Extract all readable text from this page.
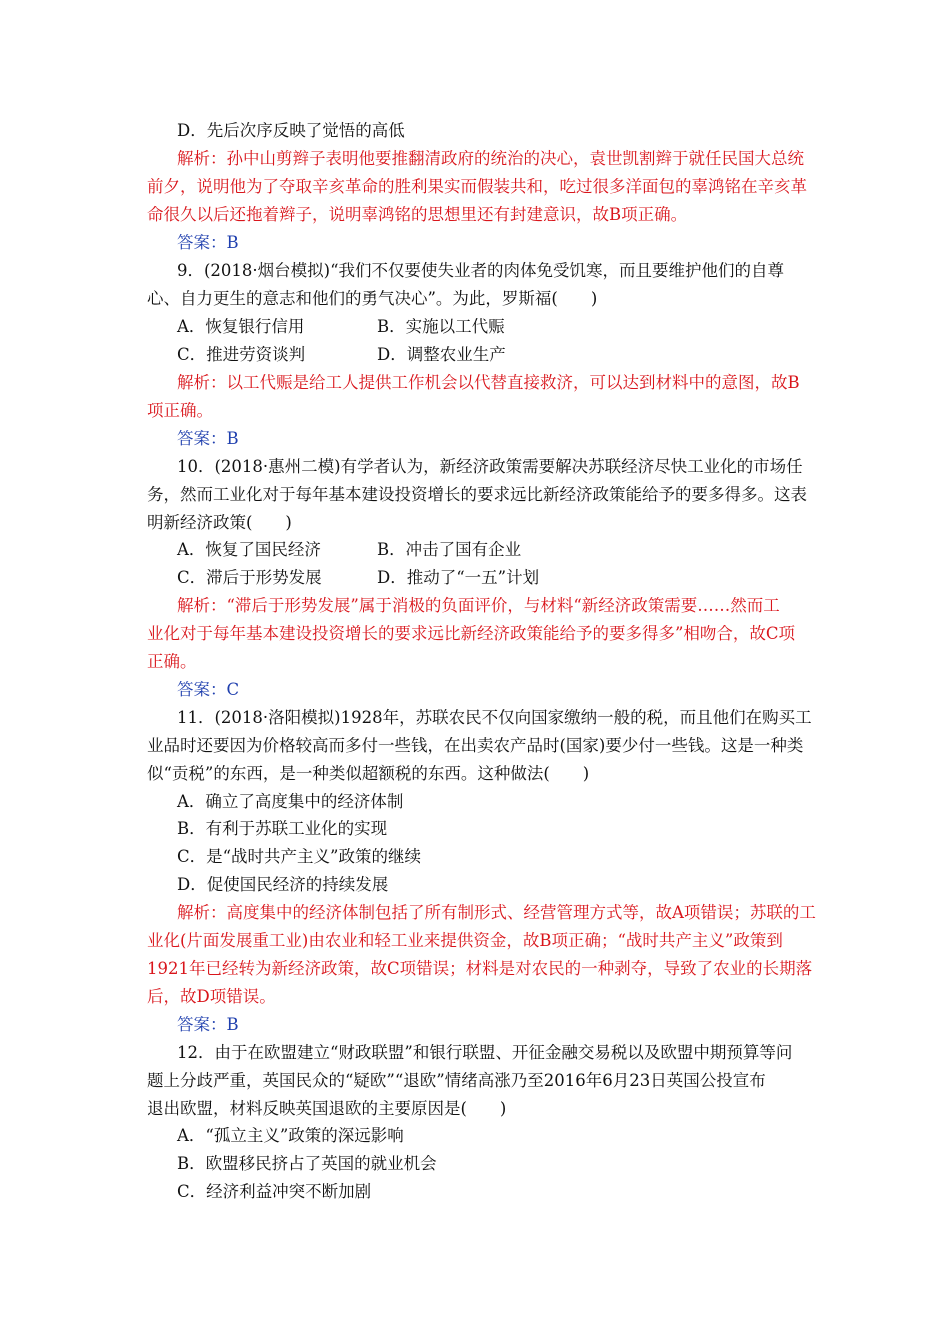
D．先后次序反映了觉悟的高低
解析：孙中山剪辫子表明他要推翻清政府的统治的决心，袁世凯割辫于就任民国大总统
前夕，说明他为了夺取辛亥革命的胜利果实而假装共和，吃过很多洋面包的辜鸿铭在辛亥革
命很久以后还拖着辫子，说明辜鸿铭的思想里还有封建意识，故B项正确。
答案：B
9．(2018·烟台模拟)“我们不仅要使失业者的肉体免受饥寒，而且要维护他们的自尊
心、自力更生的意志和他们的勇气决心”。为此，罗斯福(　　)
A．恢复银行信用	B．实施以工代赈
C．推进劳资谈判	D．调整农业生产
解析：以工代赈是给工人提供工作机会以代替直接救济，可以达到材料中的意图，故B
项正确。
答案：B
10．(2018·惠州二模)有学者认为，新经济政策需要解决苏联经济尽快工业化的市场任
务，然而工业化对于每年基本建设投资增长的要求远比新经济政策能给予的要多得多。这表
明新经济政策(　　)
A．恢复了国民经济	B．冲击了国有企业
C．滞后于形势发展	D．推动了“一五”计划
解析：“滞后于形势发展”属于消极的负面评价，与材料“新经济政策需要……然而工
业化对于每年基本建设投资增长的要求远比新经济政策能给予的要多得多”相吻合，故C项
正确。
答案：C
11．(2018·洛阳模拟)1928年，苏联农民不仅向国家缴纳一般的税，而且他们在购买工
业品时还要因为价格较高而多付一些钱，在出卖农产品时(国家)要少付一些钱。这是一种类
似“贡税”的东西，是一种类似超额税的东西。这种做法(　　)
A．确立了高度集中的经济体制
B．有利于苏联工业化的实现
C．是“战时共产主义”政策的继续
D．促使国民经济的持续发展
解析：高度集中的经济体制包括了所有制形式、经营管理方式等，故A项错误；苏联的工
业化(片面发展重工业)由农业和轻工业来提供资金，故B项正确；“战时共产主义”政策到
1921年已经转为新经济政策，故C项错误；材料是对农民的一种剥夺，导致了农业的长期落
后，故D项错误。
答案：B
12．由于在欧盟建立“财政联盟”和银行联盟、开征金融交易税以及欧盟中期预算等问
题上分歧严重，英国民众的“疑欧”“退欧”情绪高涨乃至2016年6月23日英国公投宣布
退出欧盟，材料反映英国退欧的主要原因是(　　)
A．“孤立主义”政策的深远影响
B．欧盟移民挤占了英国的就业机会
C．经济利益冲突不断加剧
